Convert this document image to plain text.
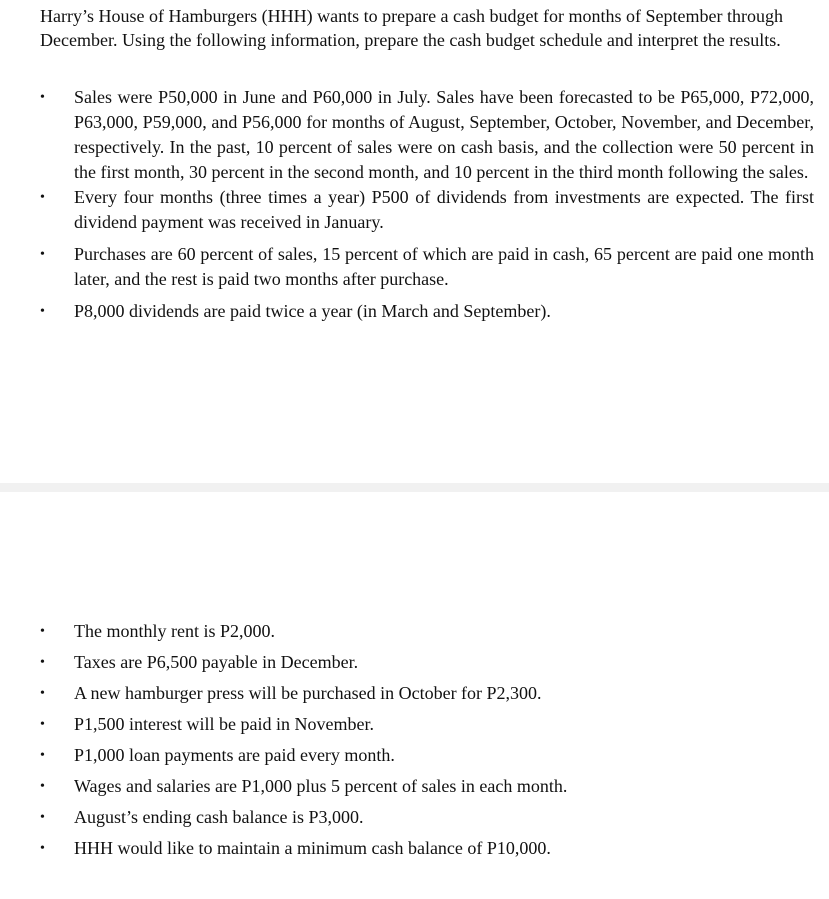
Harry’s House of Hamburgers (HHH) wants to prepare a cash budget for months of September through December. Using the following information, prepare the cash budget schedule and interpret the results.

• Sales were P50,000 in June and P60,000 in July. Sales have been forecasted to be P65,000, P72,000, P63,000, P59,000, and P56,000 for months of August, September, October, November, and December, respectively. In the past, 10 percent of sales were on cash basis, and the collection were 50 percent in the first month, 30 percent in the second month, and 10 percent in the third month following the sales.
• Every four months (three times a year) P500 of dividends from investments are expected. The first dividend payment was received in January.
• Purchases are 60 percent of sales, 15 percent of which are paid in cash, 65 percent are paid one month later, and the rest is paid two months after purchase.
• P8,000 dividends are paid twice a year (in March and September).
• The monthly rent is P2,000.
• Taxes are P6,500 payable in December.
• A new hamburger press will be purchased in October for P2,300.
• P1,500 interest will be paid in November.
• P1,000 loan payments are paid every month.
• Wages and salaries are P1,000 plus 5 percent of sales in each month.
• August’s ending cash balance is P3,000.
• HHH would like to maintain a minimum cash balance of P10,000.
